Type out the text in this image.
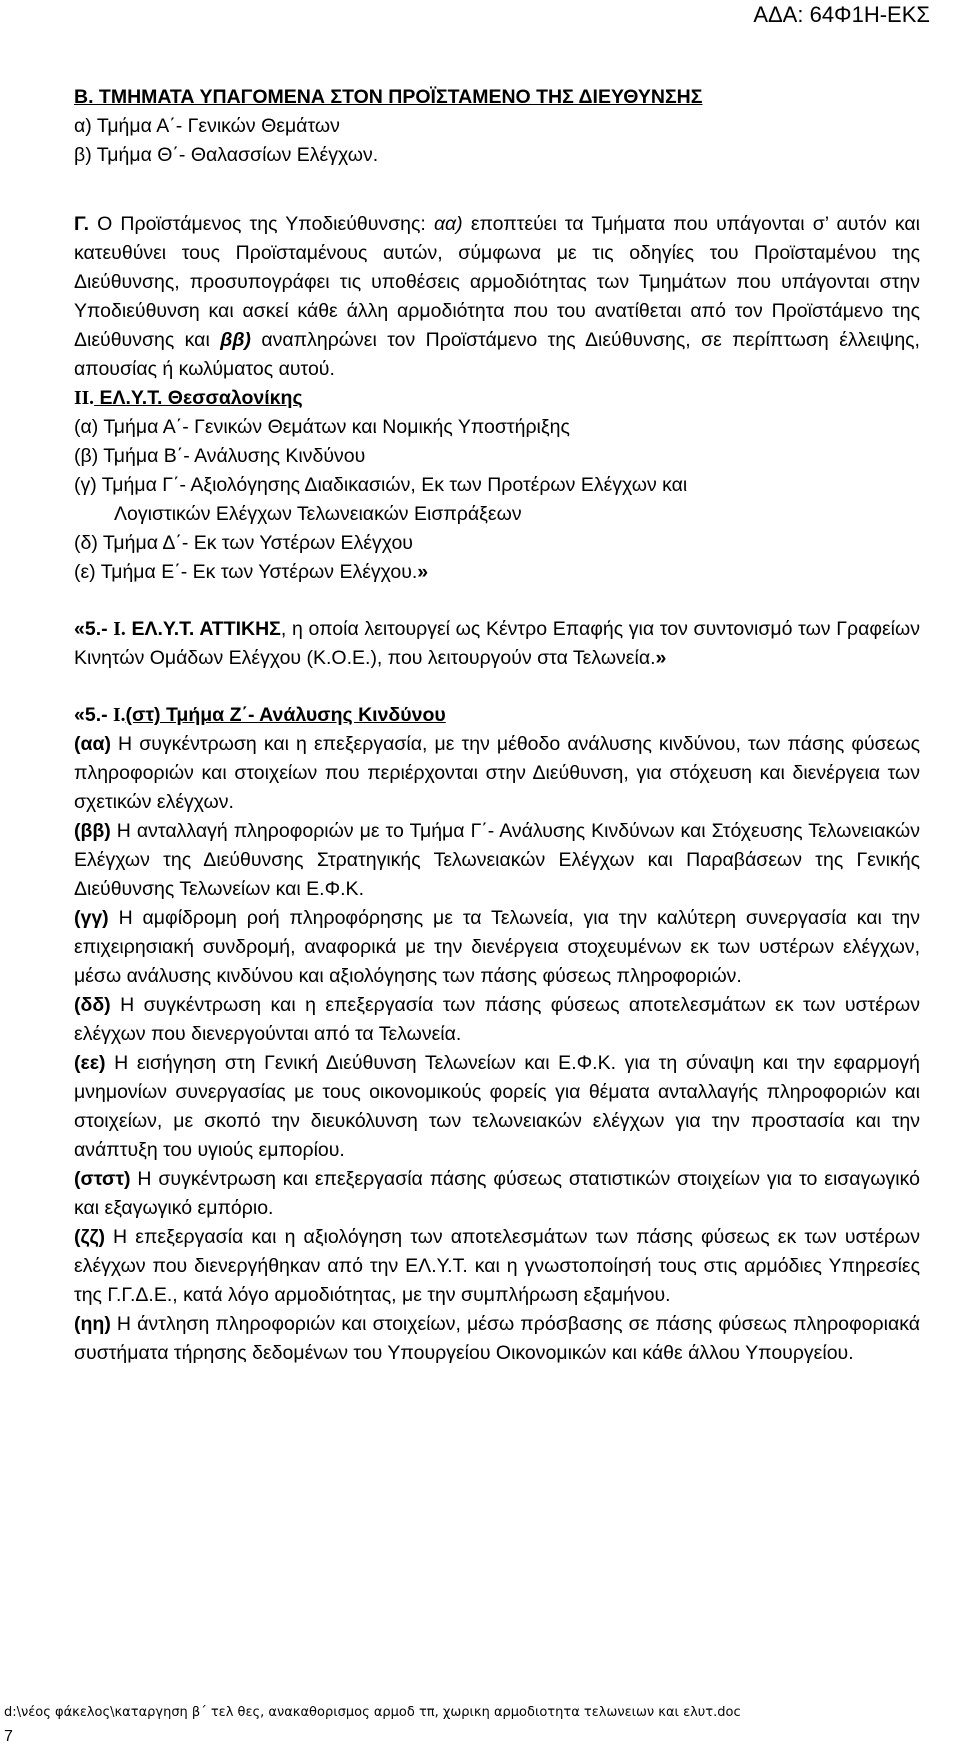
ΑΔΑ: 64Φ1Η-ΕΚΣ

Β. ΤΜΗΜΑΤΑ ΥΠΑΓΟΜΕΝΑ ΣΤΟΝ ΠΡΟΪΣΤΑΜΕΝΟ ΤΗΣ ΔΙΕΥΘΥΝΣΗΣ

α) Τμήμα Α΄- Γενικών Θεμάτων

β) Τμήμα Θ΄- Θαλασσίων Ελέγχων.

Γ. Ο Προϊστάμενος της Υποδιεύθυνσης: αα) εποπτεύει τα Τμήματα που υπάγονται σ’ αυτόν και κατευθύνει τους Προϊσταμένους αυτών, σύμφωνα με τις οδηγίες του Προϊσταμένου της Διεύθυνσης, προσυπογράφει τις υποθέσεις αρμοδιότητας των Τμημάτων που υπάγονται στην Υποδιεύθυνση και ασκεί κάθε άλλη αρμοδιότητα που του ανατίθεται από τον Προϊστάμενο της Διεύθυνσης και ββ) αναπληρώνει τον Προϊστάμενο της Διεύθυνσης, σε περίπτωση έλλειψης, απουσίας ή κωλύματος αυτού.

ΙΙ. ΕΛ.Υ.Τ. Θεσσαλονίκης

(α) Τμήμα Α΄- Γενικών Θεμάτων και Νομικής Υποστήριξης

(β) Τμήμα Β΄- Ανάλυσης Κινδύνου

(γ) Τμήμα Γ΄- Αξιολόγησης Διαδικασιών, Εκ των Προτέρων Ελέγχων και

Λογιστικών Ελέγχων Τελωνειακών Εισπράξεων

(δ) Τμήμα Δ΄- Εκ των Υστέρων Ελέγχου

(ε) Τμήμα Ε΄- Εκ των Υστέρων Ελέγχου.»

«5.- Ι. ΕΛ.Υ.Τ. ΑΤΤΙΚΗΣ, η οποία λειτουργεί ως Κέντρο Επαφής για τον συντονισμό των Γραφείων Κινητών Ομάδων Ελέγχου (Κ.Ο.Ε.), που λειτουργούν στα Τελωνεία.»

«5.- Ι.(στ) Τμήμα Ζ΄- Ανάλυσης Κινδύνου

(αα) Η συγκέντρωση και η επεξεργασία, με την μέθοδο ανάλυσης κινδύνου, των πάσης φύσεως πληροφοριών και στοιχείων που περιέρχονται στην Διεύθυνση, για στόχευση και διενέργεια των σχετικών ελέγχων.

(ββ) Η ανταλλαγή πληροφοριών με το Τμήμα Γ΄- Ανάλυσης Κινδύνων και Στόχευσης Τελωνειακών Ελέγχων της Διεύθυνσης Στρατηγικής Τελωνειακών Ελέγχων και Παραβάσεων της Γενικής Διεύθυνσης Τελωνείων και Ε.Φ.Κ.

(γγ) Η αμφίδρομη ροή πληροφόρησης με τα Τελωνεία, για την καλύτερη συνεργασία και την επιχειρησιακή συνδρομή, αναφορικά με την διενέργεια στοχευμένων εκ των υστέρων ελέγχων, μέσω ανάλυσης κινδύνου και αξιολόγησης των πάσης φύσεως πληροφοριών.

(δδ) Η συγκέντρωση και η επεξεργασία των πάσης φύσεως αποτελεσμάτων εκ των υστέρων ελέγχων που διενεργούνται από τα Τελωνεία.

(εε) Η εισήγηση στη Γενική Διεύθυνση Τελωνείων και Ε.Φ.Κ. για τη σύναψη και την εφαρμογή μνημονίων συνεργασίας με τους οικονομικούς φορείς για θέματα ανταλλαγής πληροφοριών και στοιχείων, με σκοπό την διευκόλυνση των τελωνειακών ελέγχων για την προστασία και την ανάπτυξη του υγιούς εμπορίου.

(στστ) Η συγκέντρωση και επεξεργασία πάσης φύσεως στατιστικών στοιχείων για το εισαγωγικό και εξαγωγικό εμπόριο.

(ζζ) Η επεξεργασία και η αξιολόγηση των αποτελεσμάτων των πάσης φύσεως εκ των υστέρων ελέγχων που διενεργήθηκαν από την ΕΛ.Υ.Τ. και η γνωστοποίησή τους στις αρμόδιες Υπηρεσίες της Γ.Γ.Δ.Ε., κατά λόγο αρμοδιότητας, με την συμπλήρωση εξαμήνου.

(ηη) Η άντληση πληροφοριών και στοιχείων, μέσω πρόσβασης σε πάσης φύσεως πληροφοριακά συστήματα τήρησης δεδομένων του Υπουργείου Οικονομικών και κάθε άλλου Υπουργείου.

d:\νέος φάκελος\καταργηση β΄ τελ θες, ανακαθορισμος αρμοδ τπ, χωρικη αρμοδιοτητα τελωνειων και ελυτ.doc
7
